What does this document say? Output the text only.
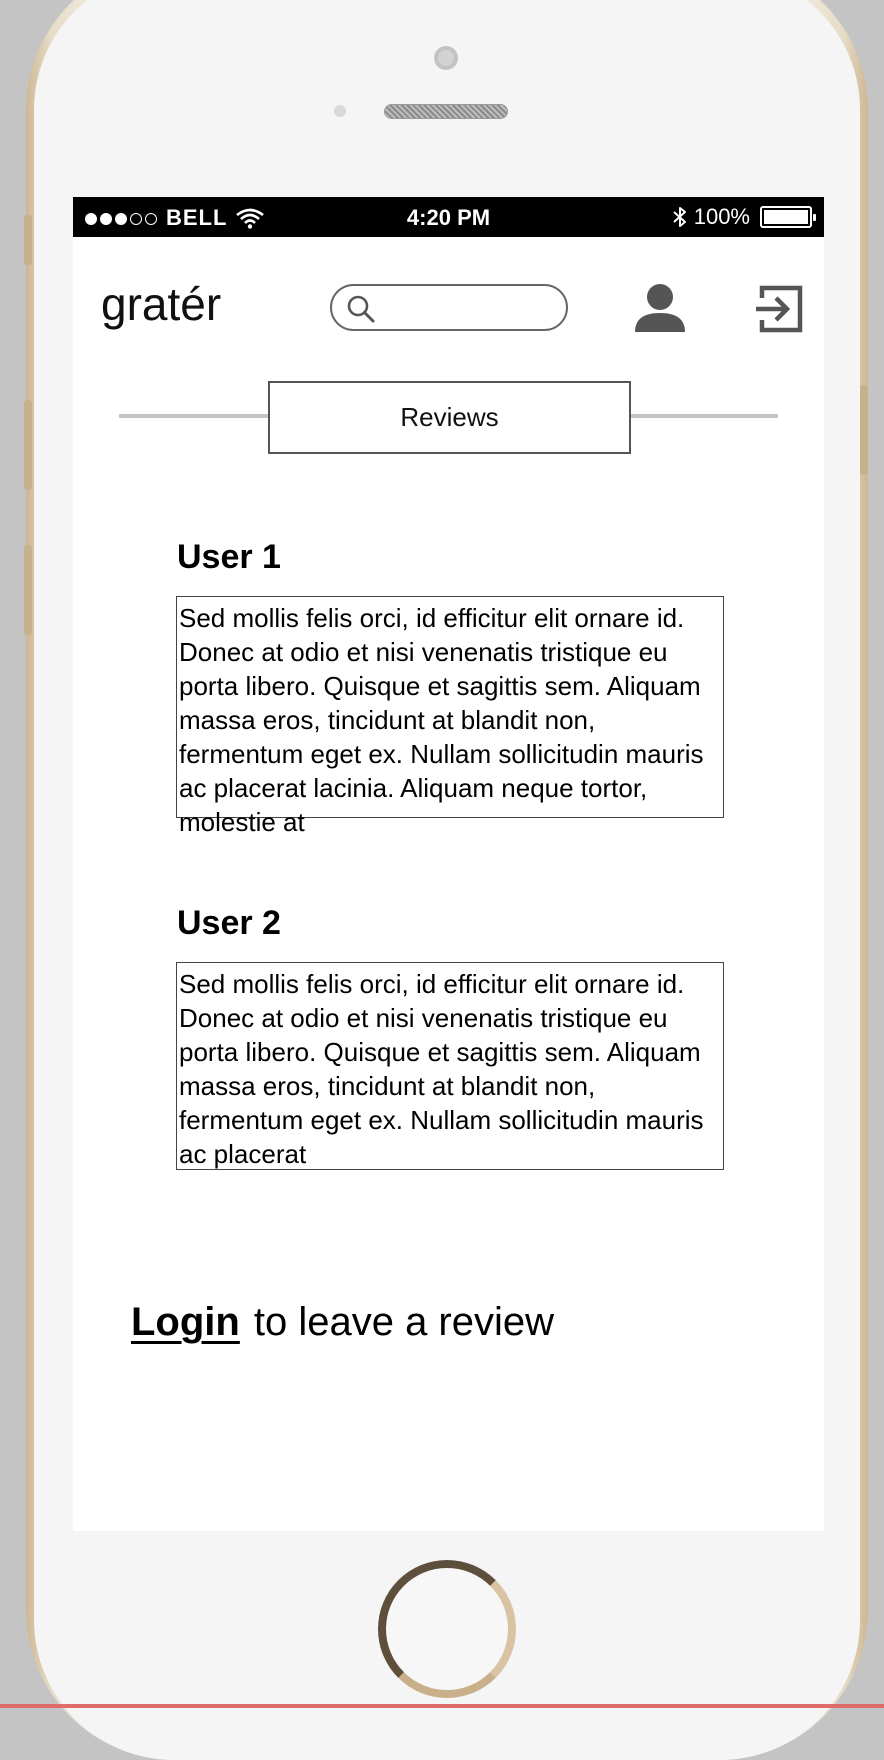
BELL	4:20 PM	100%
gratér
Reviews
User 1
Sed mollis felis orci, id efficitur elit ornare id. Donec at odio et nisi venenatis tristique eu porta libero. Quisque et sagittis sem. Aliquam massa eros, tincidunt at blandit non, fermentum eget ex. Nullam sollicitudin mauris ac placerat lacinia. Aliquam neque tortor, molestie at
User 2
Sed mollis felis orci, id efficitur elit ornare id. Donec at odio et nisi venenatis tristique eu porta libero. Quisque et sagittis sem. Aliquam massa eros, tincidunt at blandit non, fermentum eget ex. Nullam sollicitudin mauris ac placerat
Login to leave a review
